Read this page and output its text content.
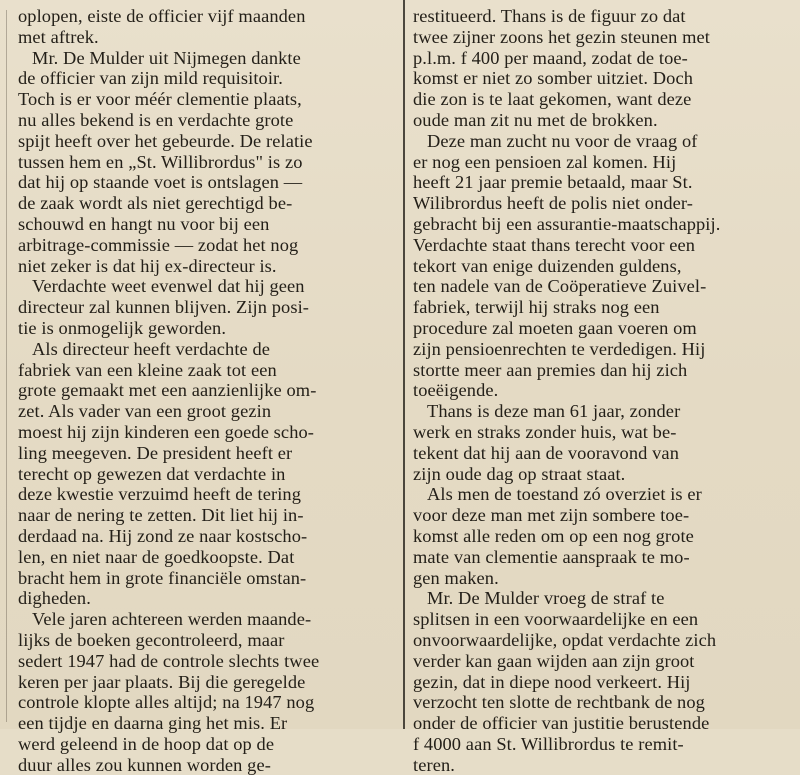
oplopen, eiste de officier vijf maanden
met aftrek.
Mr. De Mulder uit Nijmegen dankte
de officier van zijn mild requisitoir.
Toch is er voor méér clementie plaats,
nu alles bekend is en verdachte grote
spijt heeft over het gebeurde. De relatie
tussen hem en „St. Willibrordus" is zo
dat hij op staande voet is ontslagen —
de zaak wordt als niet gerechtigd be-
schouwd en hangt nu voor bij een
arbitrage-commissie — zodat het nog
niet zeker is dat hij ex-directeur is.
Verdachte weet evenwel dat hij geen
directeur zal kunnen blijven. Zijn posi-
tie is onmogelijk geworden.
Als directeur heeft verdachte de
fabriek van een kleine zaak tot een
grote gemaakt met een aanzienlijke om-
zet. Als vader van een groot gezin
moest hij zijn kinderen een goede scho-
ling meegeven. De president heeft er
terecht op gewezen dat verdachte in
deze kwestie verzuimd heeft de tering
naar de nering te zetten. Dit liet hij in-
derdaad na. Hij zond ze naar kostscho-
len, en niet naar de goedkoopste. Dat
bracht hem in grote financiële omstan-
digheden.
Vele jaren achtereen werden maande-
lijks de boeken gecontroleerd, maar
sedert 1947 had de controle slechts twee
keren per jaar plaats. Bij die geregelde
controle klopte alles altijd; na 1947 nog
een tijdje en daarna ging het mis. Er
werd geleend in de hoop dat op de
duur alles zou kunnen worden ge-
restitueerd. Thans is de figuur zo dat
twee zijner zoons het gezin steunen met
p.l.m. f 400 per maand, zodat de toe-
komst er niet zo somber uitziet. Doch
die zon is te laat gekomen, want deze
oude man zit nu met de brokken.
Deze man zucht nu voor de vraag of
er nog een pensioen zal komen. Hij
heeft 21 jaar premie betaald, maar St.
Wilibrordus heeft de polis niet onder-
gebracht bij een assurantie-maatschappij.
Verdachte staat thans terecht voor een
tekort van enige duizenden guldens,
ten nadele van de Coöperatieve Zuivel-
fabriek, terwijl hij straks nog een
procedure zal moeten gaan voeren om
zijn pensioenrechten te verdedigen. Hij
stortte meer aan premies dan hij zich
toeëigende.
Thans is deze man 61 jaar, zonder
werk en straks zonder huis, wat be-
tekent dat hij aan de vooravond van
zijn oude dag op straat staat.
Als men de toestand zó overziet is er
voor deze man met zijn sombere toe-
komst alle reden om op een nog grote
mate van clementie aanspraak te mo-
gen maken.
Mr. De Mulder vroeg de straf te
splitsen in een voorwaardelijke en een
onvoorwaardelijke, opdat verdachte zich
verder kan gaan wijden aan zijn groot
gezin, dat in diepe nood verkeert. Hij
verzocht ten slotte de rechtbank de nog
onder de officier van justitie berustende
f 4000 aan St. Willibrordus te remit-
teren.
